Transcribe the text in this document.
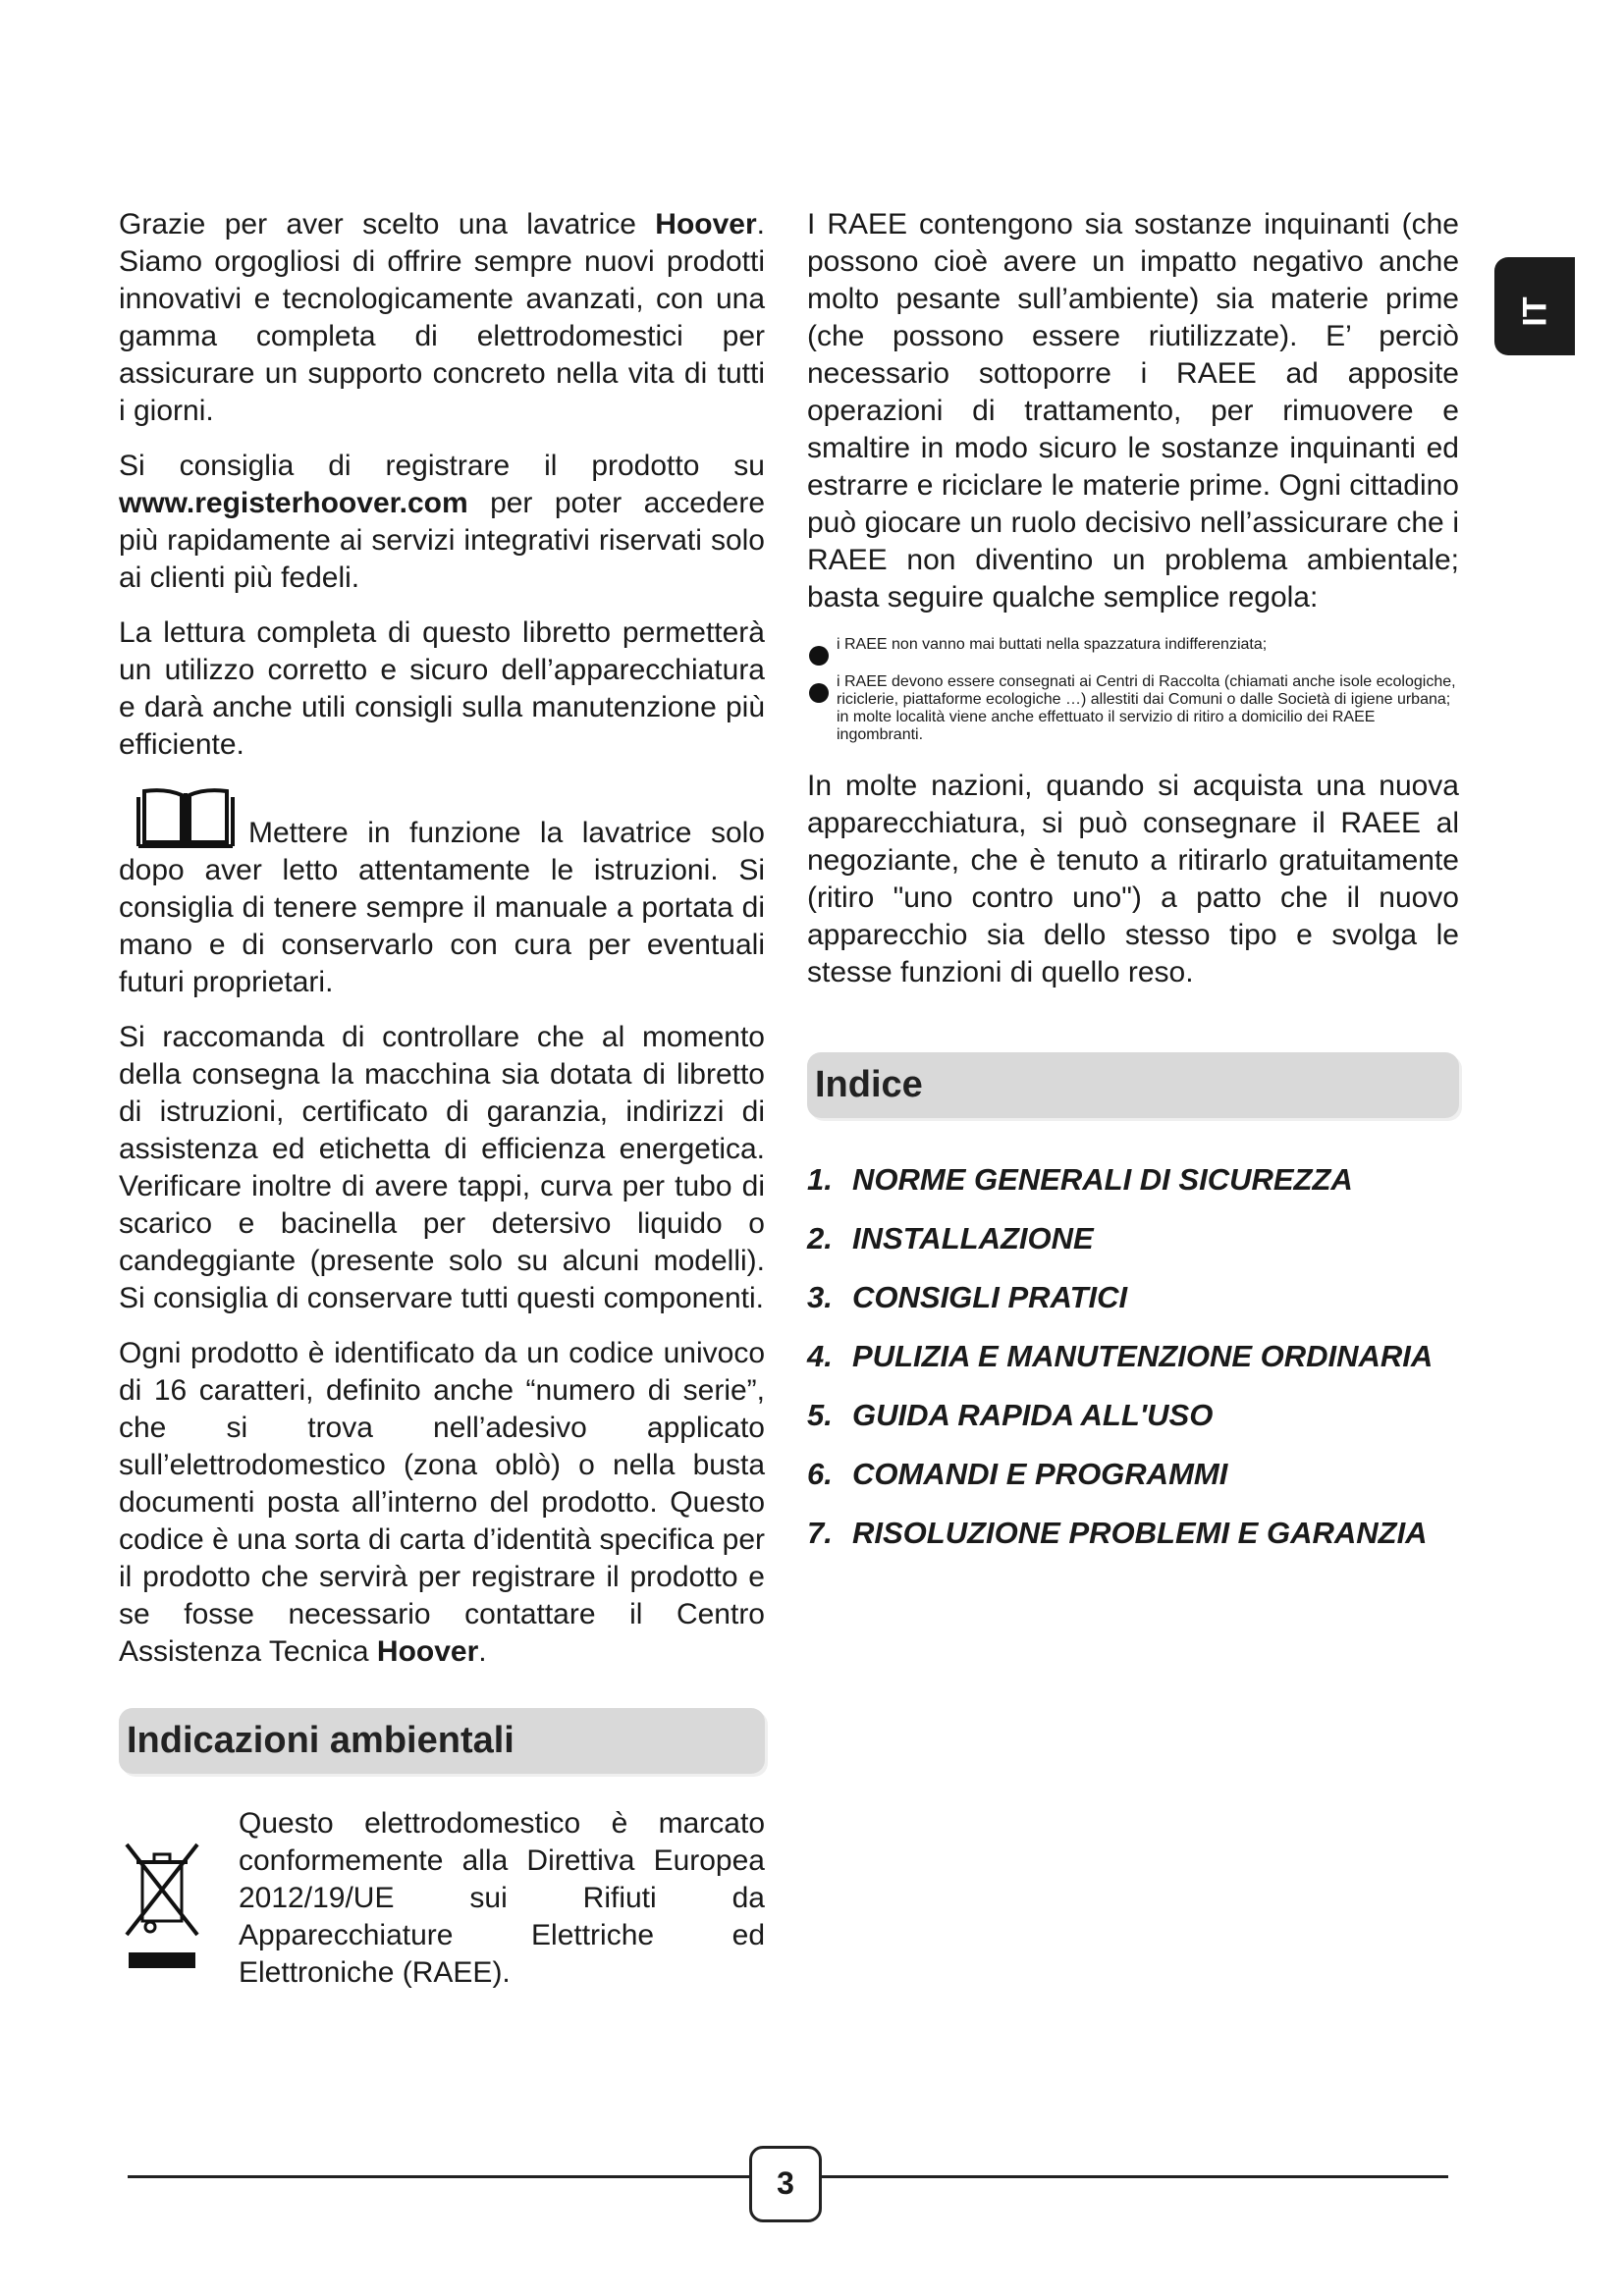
IT

Grazie per aver scelto una lavatrice Hoover. Siamo orgogliosi di offrire sempre nuovi prodotti innovativi e tecnologicamente avanzati, con una gamma completa di elettrodomestici per assicurare un supporto concreto nella vita di tutti i giorni.

Si consiglia di registrare il prodotto su www.registerhoover.com per poter accedere più rapidamente ai servizi integrativi riservati solo ai clienti più fedeli.

La lettura completa di questo libretto permetterà un utilizzo corretto e sicuro dell’apparecchiatura e darà anche utili consigli sulla manutenzione più efficiente.

Mettere in funzione la lavatrice solo dopo aver letto attentamente le istruzioni. Si consiglia di tenere sempre il manuale a portata di mano e di conservarlo con cura per eventuali futuri proprietari.

Si raccomanda di controllare che al momento della consegna la macchina sia dotata di libretto di istruzioni, certificato di garanzia, indirizzi di assistenza ed etichetta di efficienza energetica. Verificare inoltre di avere tappi, curva per tubo di scarico e bacinella per detersivo liquido o candeggiante (presente solo su alcuni modelli). Si consiglia di conservare tutti questi componenti.

Ogni prodotto è identificato da un codice univoco di 16 caratteri, definito anche “numero di serie”, che si trova nell’adesivo applicato sull’elettrodomestico (zona oblò) o nella busta documenti posta all’interno del prodotto. Questo codice è una sorta di carta d’identità specifica per il prodotto che servirà per registrare il prodotto e se fosse necessario contattare il Centro Assistenza Tecnica Hoover.

Indicazioni ambientali

Questo elettrodomestico è marcato conformemente alla Direttiva Europea 2012/19/UE sui Rifiuti da Apparecchiature Elettriche ed Elettroniche (RAEE).

I RAEE contengono sia sostanze inquinanti (che possono cioè avere un impatto negativo anche molto pesante sull’ambiente) sia materie prime (che possono essere riutilizzate). E’ perciò necessario sottoporre i RAEE ad apposite operazioni di trattamento, per rimuovere e smaltire in modo sicuro le sostanze inquinanti ed estrarre e riciclare le materie prime. Ogni cittadino può giocare un ruolo decisivo nell’assicurare che i RAEE non diventino un problema ambientale; basta seguire qualche semplice regola:

i RAEE non vanno mai buttati nella spazzatura indifferenziata;
i RAEE devono essere consegnati ai Centri di Raccolta (chiamati anche isole ecologiche, riciclerie, piattaforme ecologiche …) allestiti dai Comuni o dalle Società di igiene urbana; in molte località viene anche effettuato il servizio di ritiro a domicilio dei RAEE ingombranti.

In molte nazioni, quando si acquista una nuova apparecchiatura, si può consegnare il RAEE al negoziante, che è tenuto a ritirarlo gratuitamente (ritiro "uno contro uno") a patto che il nuovo apparecchio sia dello stesso tipo e svolga le stesse funzioni di quello reso.

Indice
1. NORME GENERALI DI SICUREZZA
2. INSTALLAZIONE
3. CONSIGLI PRATICI
4. PULIZIA E MANUTENZIONE ORDINARIA
5. GUIDA RAPIDA ALL'USO
6. COMANDI E PROGRAMMI
7. RISOLUZIONE PROBLEMI E GARANZIA
3
